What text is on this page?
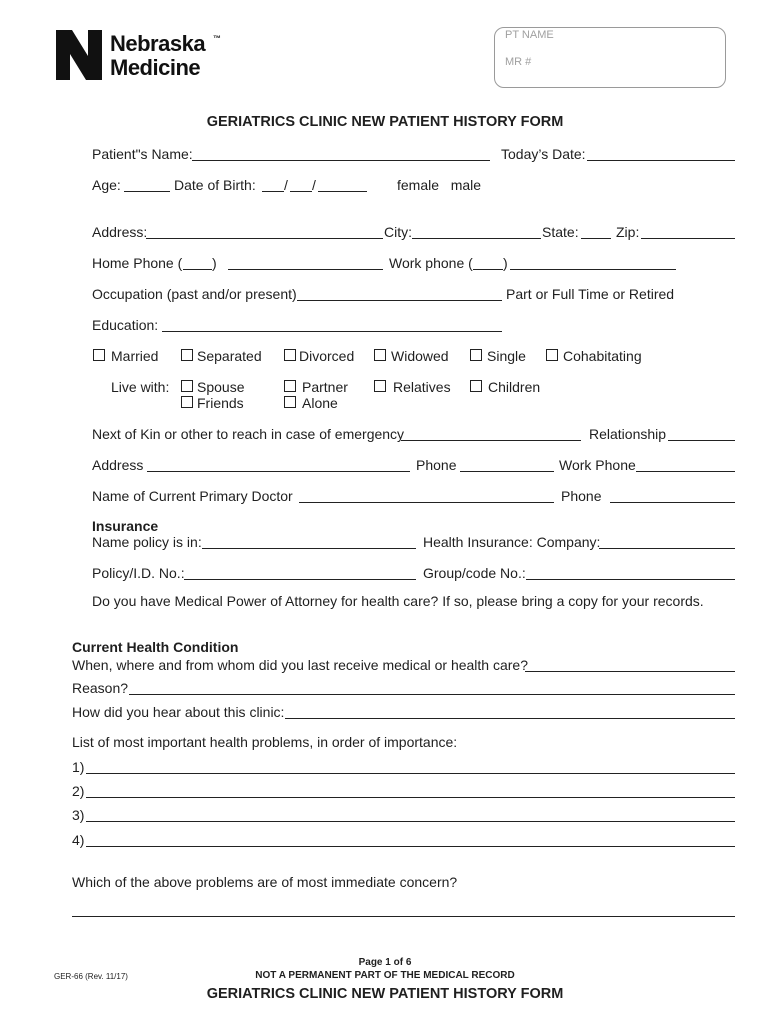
Nebraska
Medicine
™	PT NAME
MR #
GERIATRICS CLINIC NEW PATIENT HISTORY FORM
Patient"s Name:	Today’s Date:
Age:	Date of Birth: / /	female   male
Address:	City:	State:	Zip:
Home Phone ( )	Work phone ( )
Occupation (past and/or present)	Part or Full Time or Retired
Education:
Married	Separated	Divorced	Widowed	Single	Cohabitating
Live with: Spouse
Friends
Partner
Alone
Relatives	Children
Next of Kin or other to reach in case of emergency	Relationship
Address	Phone	Work Phone
Name of Current Primary Doctor	Phone
Insurance
Name policy is in:	Health Insurance: Company:
Policy/I.D. No.:	Group/code No.:
Do you have Medical Power of Attorney for health care? If so, please bring a copy for your records.
Current Health Condition
When, where and from whom did you last receive medical or health care?
Reason?
How did you hear about this clinic:
List of most important health problems, in order of importance:
1)
2)
3)
4)
Which of the above problems are of most immediate concern?
Page 1 of 6
NOT A PERMANENT PART OF THE MEDICAL RECORD
GER-66 (Rev. 11/17)
GERIATRICS CLINIC NEW PATIENT HISTORY FORM
